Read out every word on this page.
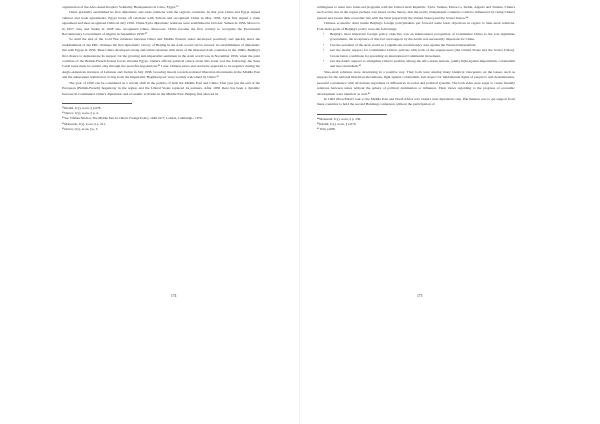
organisation of the Afro-Asian People's Solidarity Headquarters in Cairo, Egypt.³⁹

China gradually established its first diplomatic and trade relations with the region's countries. In that year China and Egypt signed cultural and trade agreements. Egypt broke off relations with Taiwan and recognized China in May 1956. Syria first signed a trade agreement and then recognized China in July 1956. China-Syria diplomatic relations were established in October. Yemen in 1956, Morocco in 1957, Iraq and Sudan in 1958 also recognized China. Moreover, China became the first country to recognize the Provisional Revolutionary Government of Algeria in September 1958.⁴⁰

So until the end of the Cold War relations between China and Middle Eastern states developed positively and quickly since the establishment of the PRC. Perhaps the first diplomatic victory of Beijing in the Arab world can be viewed: its establishment of diplomatic ties with Egypt in 1956. Then China developed strong and stable relations with most of the liberated Arab countries in the 1960s. Beijing's first chance to demonstrate its support for the growing anti-imperialist sentiment in the Arab world was in November 1956, when the joint coalition of the British-French-Israeli forces invaded Egypt. China's official political stance about this event was the following: the Suez Canal issue must be settled only through the peaceful negotiations.⁴¹ Later Chinese news and reactions appeared to be negative during the Anglo-American invasion of Lebanon and Jordan in July 1958. Growing moods towards national liberation movements in the Middle East and the subsequent withdrawal of Iraq from the imperialist 'Baghdad pact' were warmly welcomed by China.⁴²

The year of 1956 can be considered as a crucial shift in the politics of both the Middle East and China. This year put the end of the European (British-French) hegemony in the region and the United States replaced its partners. After 1956 there has been a dynamic increase in Communist China's diplomatic and economic activities in the Middle East. Beijing first showed its

³⁹Khalili, Ivy), ss.öu, § p.678.
⁴⁰Ostrov, Ivy), ss.öu, § p. 4.
⁴¹See Yitzhak Shichor, The Middle East in China's Foreign Policy, 1949-1977, London, Cambridge , 1979.
⁴²Manasrah, Ivy), ss.öu, § p. 221.
⁴³Ostrov, Ivy), ss.öu, § p. 5.
174

willingness to enter into trade-aid programs with the United Arab Republic, Syria, Yemen, Morocco, Sudan, Algeria and Tunisia. China's such active ties in the region perhaps was based on the theory, that the newly independent countries could be influenced by rising China's pattern and loosen their economic ties with the West (especially the United States) and the Soviet Union.⁴⁴

Chinese economic drive inside Beijing's foreign policymakers put forward some basic objectives in regard to Sino-Arab relations. Four main goals of Beijing's policy were the followings:

• Beijing's most important foreign policy objective was an international recognition of Communist China as the sole legitimate government, the acceptance of this fact and support by the Arabs was necessarily important for China.
• Use the potential of the Arab world as a significant revolutionary area against the Western imperialism.
• Get the Arabs' support for Communist China's policies with both of the superpowers (the United States and the Soviet Union). Create better conditions for spreading an international Communist movement.
• Get the Arabs' support to strengthen China's position among the Afro-Asian nations, jointly fight against imperialism, colonialism and neocolonialism.⁴⁵

Sino-Arab relations were developing in a positive way. They both were sharing many identical viewpoints on the issues, such as support for the national liberation movements, fight against colonialism, full respect for fundamental rights of people to self-determination, peaceful coexistence with all nations regardless of differences in social and political systems. The both sides were eager to create friendly relations between states without the sphere of political domination or influence. Their views regarding to the progress of economic development were identical as well.⁴⁶

In 1963 Zhou Enlai's tour to the Middle East and North Africa was China's next diplomatic step. His mission was to get support from these countries to hold the second Bandung conference without the participation of

⁴⁴Manasrah, Ivy), ss.öu, § p. 236.
⁴⁵Khalili, Ivy), ss.öu, § p.679.
⁴⁶ Ibid, p.688.
175
